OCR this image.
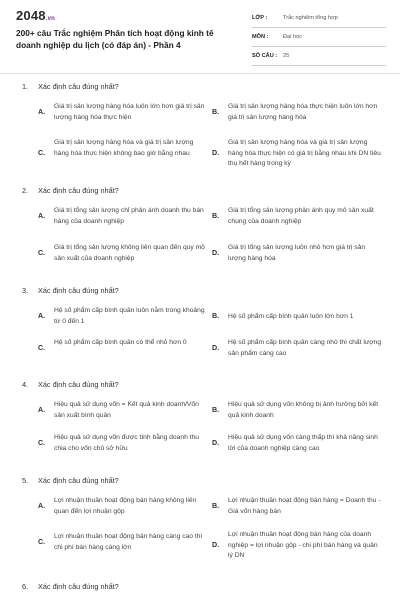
2048.vn
200+ câu Trắc nghiệm Phân tích hoạt động kinh tế doanh nghiệp du lịch (có đáp án) - Phần 4
LỚP :	Trắc nghiệm tổng hợp
MÔN :	Đại học
SỐ CÂU : 25
1. Xác định câu đúng nhất?
A.
Giá trị sản lượng hàng hóa luôn lớn hơn giá trị sản lượng hàng hóa thực hiện
B.
Giá trị sản lượng hàng hóa thực hiện luôn lớn hơn giá trị sản lượng hàng hóa
C.
Giá trị sản lượng hàng hóa và giá trị sản lượng hàng hóa thực hiện không bao giờ bằng nhau	D.
Giá trị sản lượng hàng hóa và giá trị sản lượng hàng hóa thực hiện có giá trị bằng nhau khi DN tiêu thụ hết hàng trong kỳ
2. Xác định câu đúng nhất?
A.
Giá trị tổng sản lượng chỉ phản ánh doanh thu bán hàng của doanh nghiệp
B.
Giá trị tổng sản lượng phản ánh quy mô sản xuất chung của doanh nghiệp
C.
Giá trị tổng sản lượng không liên quan đến quy mô sản xuất của doanh nghiệp
D.
Giá trị tổng sản lượng luôn nhỏ hơn giá trị sản lượng hàng hóa
3. Xác định câu đúng nhất?
A.
Hệ số phẩm cấp bình quân luôn nằm trong khoảng từ 0 đến 1
B. Hệ số phẩm cấp bình quân luôn lớn hơn 1
C.
Hệ số phẩm cấp bình quân có thể nhỏ hơn 0
D.
Hệ số phẩm cấp bình quân càng nhỏ thì chất lượng sản phẩm càng cao
4. Xác định câu đúng nhất?
A.
Hiệu quả sử dụng vốn = Kết quả kinh doanh/Vốn sản xuất bình quân
B.
Hiệu quả sử dụng vốn không bị ảnh hưởng bởi kết quả kinh doanh
C.
Hiệu quả sử dụng vốn được tính bằng doanh thu chia cho vốn chủ sở hữu
D.
Hiệu quả sử dụng vốn càng thấp thì khả năng sinh lời của doanh nghiệp càng cao
5. Xác định câu đúng nhất?
A.
Lợi nhuận thuần hoạt động bán hàng không liên quan đến lợi nhuận gộp
B.
Lợi nhuận thuần hoạt động bán hàng = Doanh thu - Giá vốn hàng bán
C.
Lợi nhuận thuần hoạt động bán hàng càng cao thì chi phí bán hàng càng lớn	D.
Lợi nhuận thuần hoạt động bán hàng của doanh nghiệp = lợi nhuận gộp - chi phí bán hàng và quản lý DN
6. Xác định câu đúng nhất?
